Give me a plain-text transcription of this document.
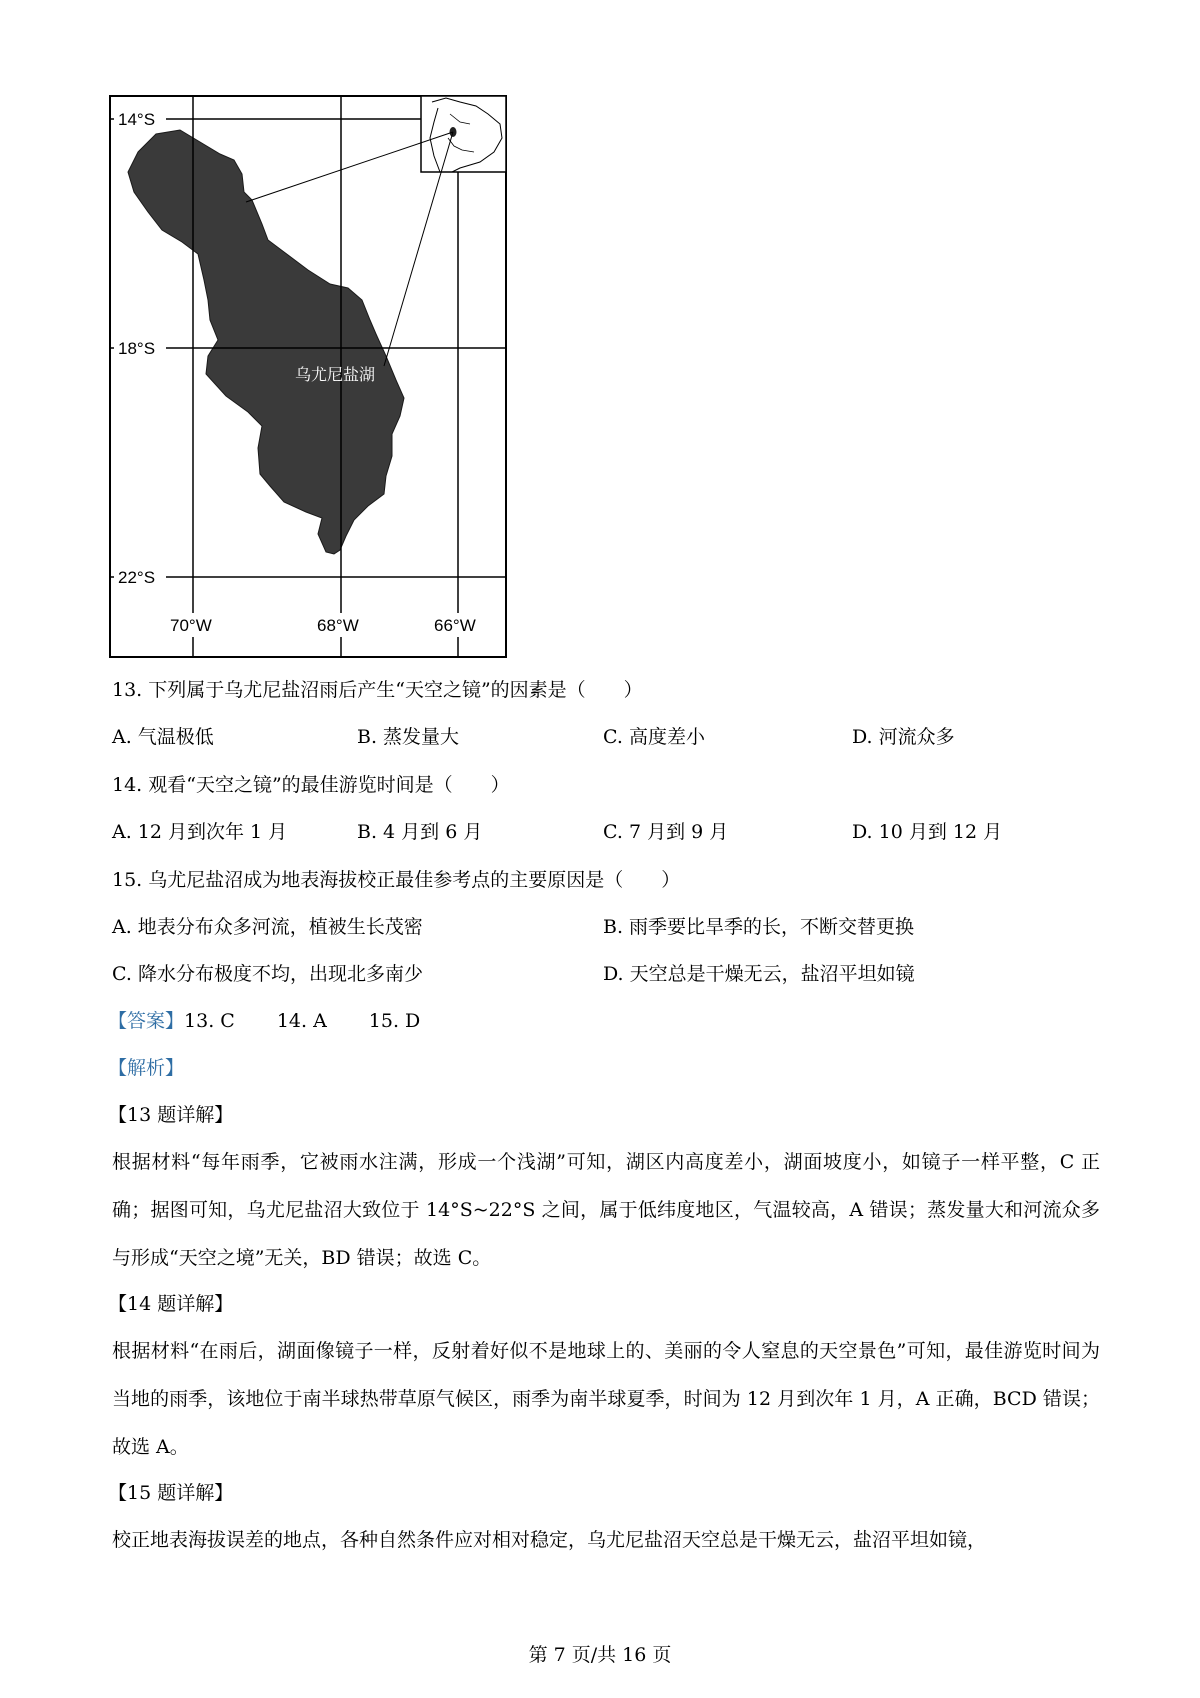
14°S
18°S
22°S
70°W	68°W	66°W
乌尤尼盐湖
13. 下列属于乌尤尼盐沼雨后产生“天空之镜”的因素是（　　）
A. 气温极低	B. 蒸发量大	C. 高度差小	D. 河流众多
14. 观看“天空之镜”的最佳游览时间是（　　）
A. 12 月到次年 1 月	B. 4 月到 6 月	C. 7 月到 9 月	D. 10 月到 12 月
15. 乌尤尼盐沼成为地表海拔校正最佳参考点的主要原因是（　　）
A. 地表分布众多河流，植被生长茂密	B. 雨季要比旱季的长，不断交替更换
C. 降水分布极度不均，出现北多南少	D. 天空总是干燥无云，盐沼平坦如镜
【答案】13. C 14. A 15. D
【解析】
【13 题详解】
根据材料“每年雨季，它被雨水注满，形成一个浅湖”可知，湖区内高度差小，湖面坡度小，如镜子一样平整，C 正确；据图可知，乌尤尼盐沼大致位于 14°S~22°S 之间，属于低纬度地区，气温较高，A 错误；蒸发量大和河流众多与形成“天空之境”无关，BD 错误；故选 C。
【14 题详解】
根据材料“在雨后，湖面像镜子一样，反射着好似不是地球上的、美丽的令人窒息的天空景色”可知，最佳游览时间为当地的雨季，该地位于南半球热带草原气候区，雨季为南半球夏季，时间为 12 月到次年 1 月，A 正确，BCD 错误；故选 A。
【15 题详解】
校正地表海拔误差的地点，各种自然条件应对相对稳定，乌尤尼盐沼天空总是干燥无云，盐沼平坦如镜，
第 7 页/共 16 页
